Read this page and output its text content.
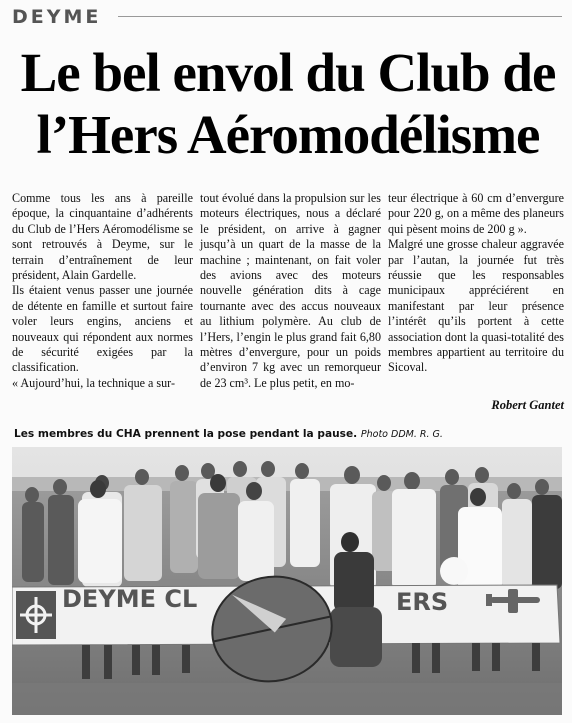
DEYME
Le bel envol du Club de
l’Hers Aéromodélisme

Comme tous les ans à pareille époque, la cinquantaine d’adhérents du Club de l’Hers Aéromodélisme se sont retrouvés à Deyme, sur le terrain d’entraînement de leur président, Alain Gardelle.

Ils étaient venus passer une journée de détente en famille et surtout faire voler leurs engins, anciens et nouveaux qui répondent aux normes de sécurité exigées par la classification.

« Aujourd’hui, la technique a sur-

tout évolué dans la propulsion sur les moteurs électriques, nous a déclaré le président, on arrive à gagner jusqu’à un quart de la masse de la machine ; maintenant, on fait voler des avions avec des moteurs nouvelle génération dits à cage tournante avec des accus nouveaux au lithium polymère. Au club de l’Hers, l’engin le plus grand fait 6,80 mètres d’envergure, pour un poids d’environ 7 kg avec un remorqueur de 23 cm³. Le plus petit, en mo-

teur électrique à 60 cm d’envergure pour 220 g, on a même des planeurs qui pèsent moins de 200 g ».

Malgré une grosse chaleur aggravée par l’autan, la journée fut très réussie que les responsables municipaux appréciérent en manifestant par leur présence l’intérêt qu’ils portent à cette association dont la quasi-totalité des membres appartient au territoire du Sicoval.

Robert Gantet
Les membres du CHA prennent la pose pendant la pause. Photo DDM. R. G.
DEYME CL	ERS
